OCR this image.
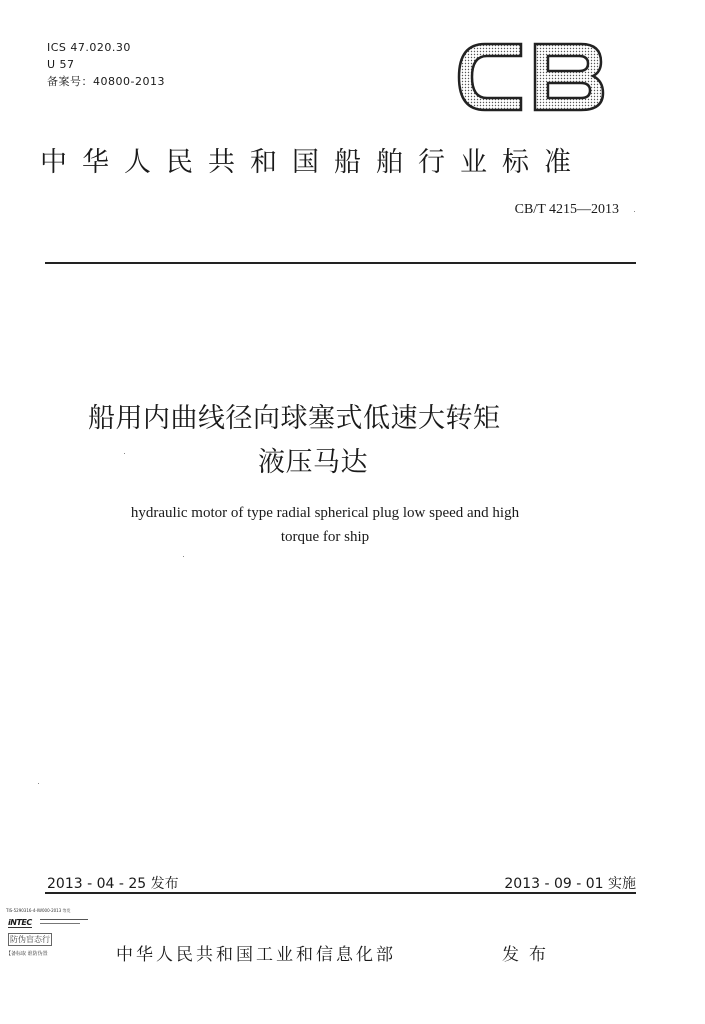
ICS 47.020.30
U 57
备案号：40800-2013
中华人民共和国船舶行业标准
CB/T 4215—2013
船用内曲线径向球塞式低速大转矩
液压马达
hydraulic motor of type radial spherical plug low speed and high
torque for ship
2013 - 04 - 25 发布	2013 - 09 - 01 实施
TIS-5290316-4-IW000-2013 等发
iNTEC
防伪盲态行
【备标取 谁防伪置	中华人民共和国工业和信息化部	发布
